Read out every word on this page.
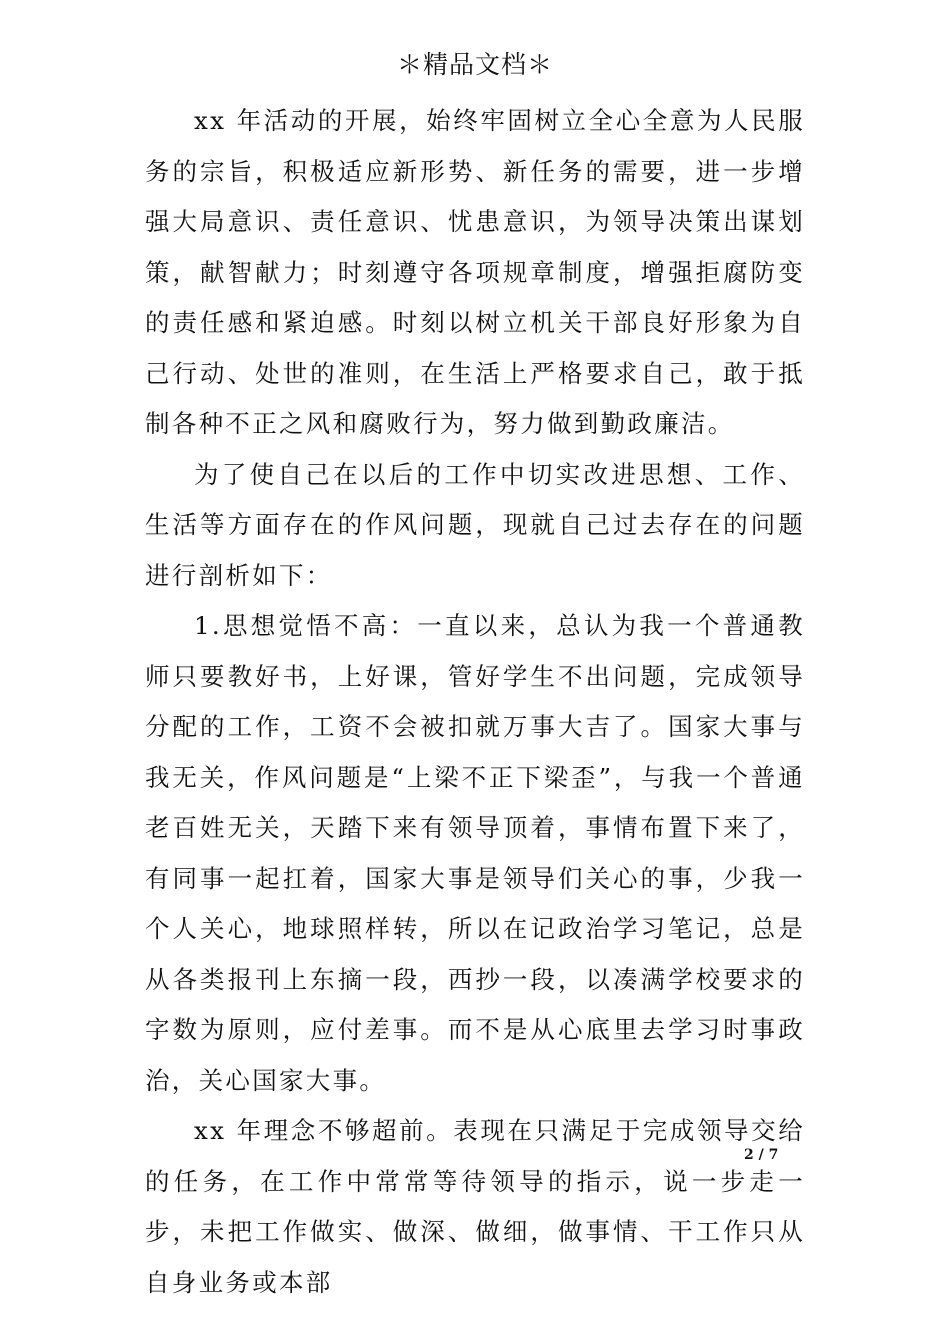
＊精品文档＊

xx 年活动的开展，始终牢固树立全心全意为人民服务的宗旨，积极适应新形势、新任务的需要，进一步增强大局意识、责任意识、忧患意识，为领导决策出谋划策，献智献力；时刻遵守各项规章制度，增强拒腐防变的责任感和紧迫感。时刻以树立机关干部良好形象为自己行动、处世的准则，在生活上严格要求自己，敢于抵制各种不正之风和腐败行为，努力做到勤政廉洁。

为了使自己在以后的工作中切实改进思想、工作、生活等方面存在的作风问题，现就自己过去存在的问题进行剖析如下：

1.思想觉悟不高：一直以来，总认为我一个普通教师只要教好书，上好课，管好学生不出问题，完成领导分配的工作，工资不会被扣就万事大吉了。国家大事与我无关，作风问题是“上梁不正下梁歪”，与我一个普通老百姓无关，天踏下来有领导顶着，事情布置下来了，有同事一起扛着，国家大事是领导们关心的事，少我一个人关心，地球照样转，所以在记政治学习笔记，总是从各类报刊上东摘一段，西抄一段，以凑满学校要求的字数为原则，应付差事。而不是从心底里去学习时事政治，关心国家大事。

xx 年理念不够超前。表现在只满足于完成领导交给的任务，在工作中常常等待领导的指示，说一步走一步，未把工作做实、做深、做细，做事情、干工作只从自身业务或本部

2 / 7
